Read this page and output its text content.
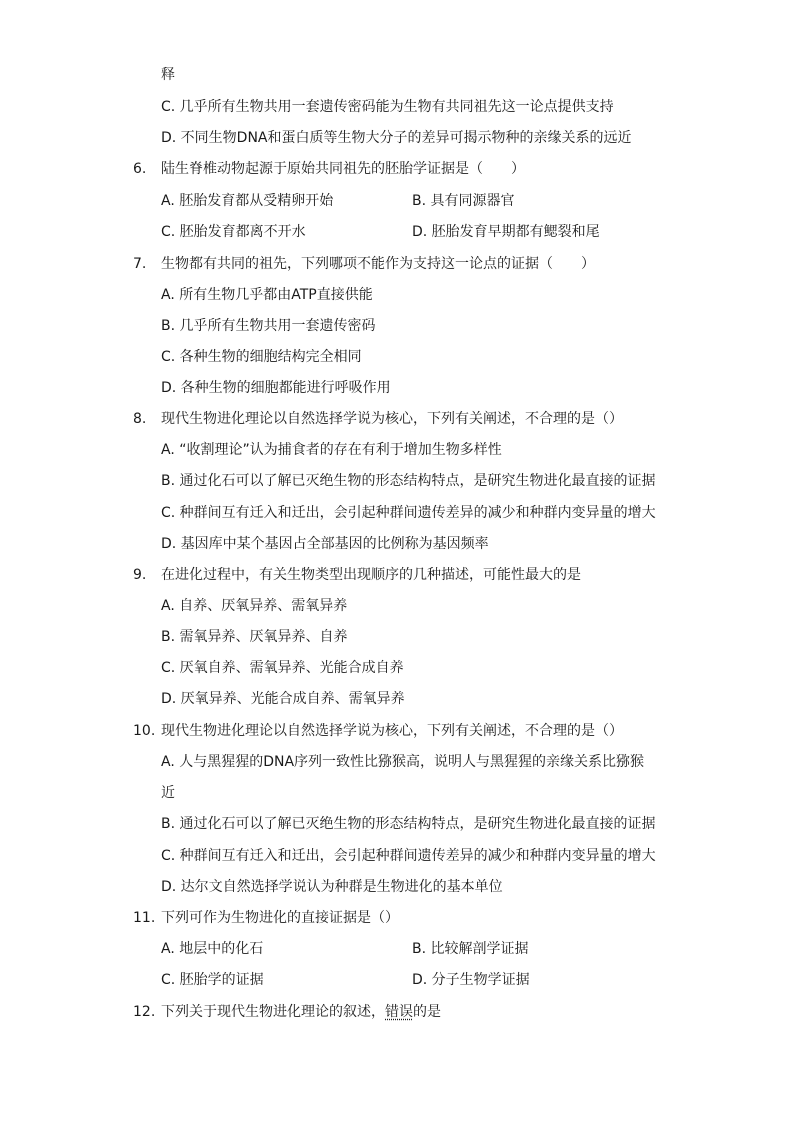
释
C. 几乎所有生物共用一套遗传密码能为生物有共同祖先这一论点提供支持
D. 不同生物DNA和蛋白质等生物大分子的差异可揭示物种的亲缘关系的远近
6. 陆生脊椎动物起源于原始共同祖先的胚胎学证据是（　　）
A. 胚胎发育都从受精卵开始	B. 具有同源器官
C. 胚胎发育都离不开水	D. 胚胎发育早期都有鳃裂和尾
7. 生物都有共同的祖先，下列哪项不能作为支持这一论点的证据（　　）
A. 所有生物几乎都由ATP直接供能
B. 几乎所有生物共用一套遗传密码
C. 各种生物的细胞结构完全相同
D. 各种生物的细胞都能进行呼吸作用
8. 现代生物进化理论以自然选择学说为核心，下列有关阐述，不合理的是（）
A. “收割理论”认为捕食者的存在有利于增加生物多样性
B. 通过化石可以了解已灭绝生物的形态结构特点，是研究生物进化最直接的证据
C. 种群间互有迁入和迁出，会引起种群间遗传差异的减少和种群内变异量的增大
D. 基因库中某个基因占全部基因的比例称为基因频率
9. 在进化过程中，有关生物类型出现顺序的几种描述，可能性最大的是
A. 自养、厌氧异养、需氧异养
B. 需氧异养、厌氧异养、自养
C. 厌氧自养、需氧异养、光能合成自养
D. 厌氧异养、光能合成自养、需氧异养
10. 现代生物进化理论以自然选择学说为核心，下列有关阐述，不合理的是（）
A. 人与黑猩猩的DNA序列一致性比猕猴高，说明人与黑猩猩的亲缘关系比猕猴
近
B. 通过化石可以了解已灭绝生物的形态结构特点，是研究生物进化最直接的证据
C. 种群间互有迁入和迁出，会引起种群间遗传差异的减少和种群内变异量的增大
D. 达尔文自然选择学说认为种群是生物进化的基本单位
11. 下列可作为生物进化的直接证据是（）
A. 地层中的化石	B. 比较解剖学证据
C. 胚胎学的证据	D. 分子生物学证据
12. 下列关于现代生物进化理论的叙述，错误的是
